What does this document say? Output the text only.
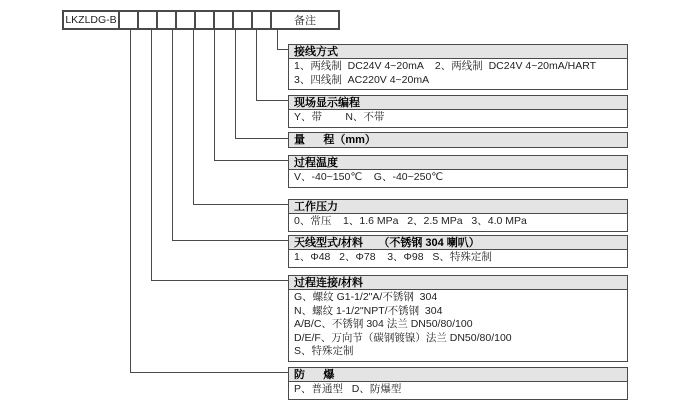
LKZLDG-B	备注
接线方式
1、两线制  DC24V 4~20mA    2、两线制  DC24V 4~20mA/HART
3、四线制  AC220V 4~20mA
现场显示编程
Y、带        N、不带
量      程（mm）
过程温度
V、-40~150℃    G、-40~250℃
工作压力
0、常压    1、1.6 MPa   2、2.5 MPa   3、4.0 MPa
天线型式/材料     （不锈钢 304 喇叭）
1、Φ48   2、Φ78    3、Φ98   S、特殊定制
过程连接/材料
G、螺纹 G1-1/2"A/不锈钢  304
N、螺纹 1-1/2"NPT/不锈钢  304
A/B/C、不锈钢 304 法兰 DN50/80/100
D/E/F、万向节（碳钢镀镍）法兰 DN50/80/100
S、特殊定制
防      爆
P、普通型   D、防爆型
